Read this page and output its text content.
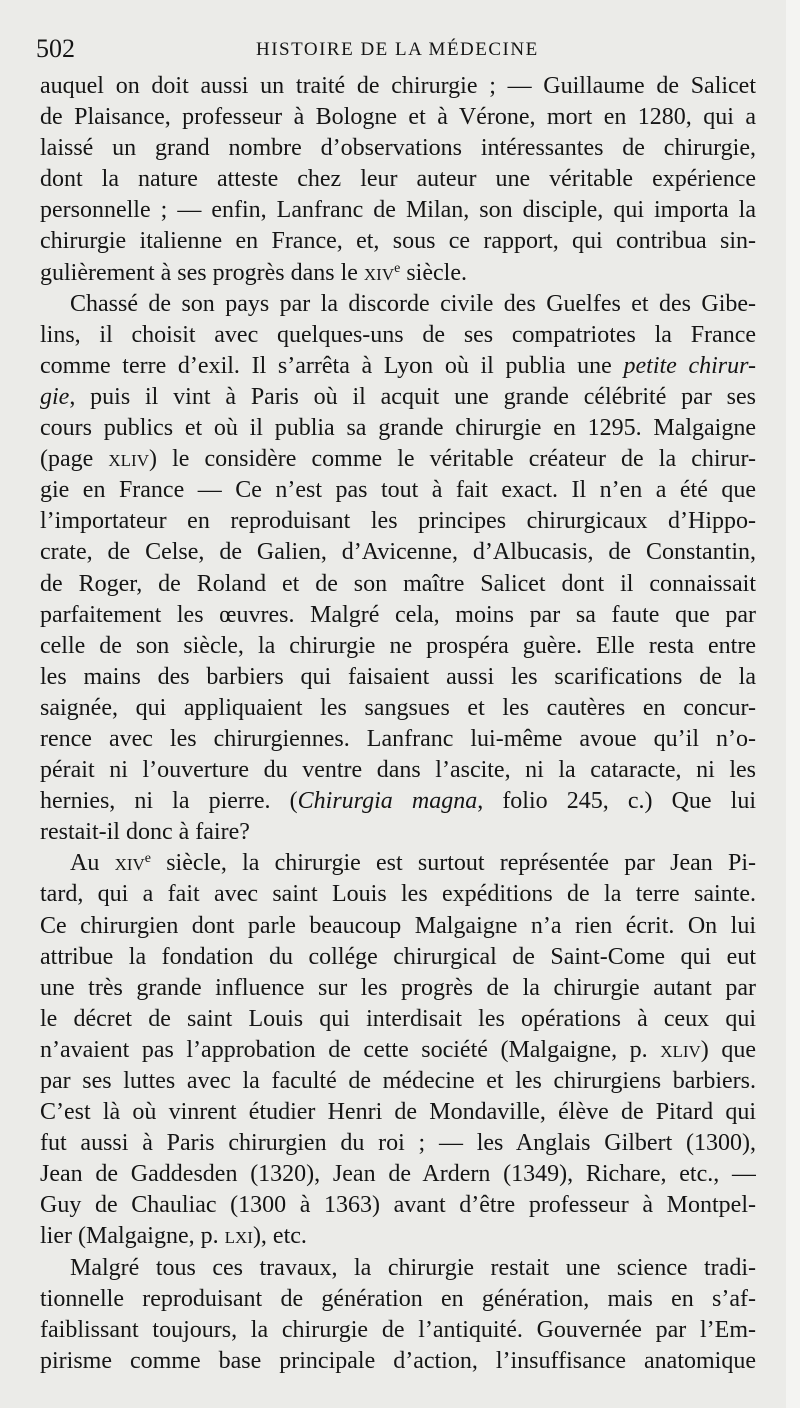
502	HISTOIRE DE LA MÉDECINE
auquel on doit aussi un traité de chirurgie ; — Guillaume de Salicet
de Plaisance, professeur à Bologne et à Vérone, mort en 1280, qui a
laissé un grand nombre d’observations intéressantes de chirurgie,
dont la nature atteste chez leur auteur une véritable expérience
personnelle ; — enfin, Lanfranc de Milan, son disciple, qui importa la
chirurgie italienne en France, et, sous ce rapport, qui contribua sin-
gulièrement à ses progrès dans le xiv$^e$ siècle.
Chassé de son pays par la discorde civile des Guelfes et des Gibe-
lins, il choisit avec quelques-uns de ses compatriotes la France
comme terre d’exil. Il s’arrêta à Lyon où il publia une petite chirur-
gie, puis il vint à Paris où il acquit une grande célébrité par ses
cours publics et où il publia sa grande chirurgie en 1295. Malgaigne
(page xliv) le considère comme le véritable créateur de la chirur-
gie en France — Ce n’est pas tout à fait exact. Il n’en a été que
l’importateur en reproduisant les principes chirurgicaux d’Hippo-
crate, de Celse, de Galien, d’Avicenne, d’Albucasis, de Constantin,
de Roger, de Roland et de son maître Salicet dont il connaissait
parfaitement les œuvres. Malgré cela, moins par sa faute que par
celle de son siècle, la chirurgie ne prospéra guère. Elle resta entre
les mains des barbiers qui faisaient aussi les scarifications de la
saignée, qui appliquaient les sangsues et les cautères en concur-
rence avec les chirurgiennes. Lanfranc lui-même avoue qu’il n’o-
pérait ni l’ouverture du ventre dans l’ascite, ni la cataracte, ni les
hernies, ni la pierre. (Chirurgia magna, folio 245, c.) Que lui
restait-il donc à faire?
Au xiv$^e$ siècle, la chirurgie est surtout représentée par Jean Pi-
tard, qui a fait avec saint Louis les expéditions de la terre sainte.
Ce chirurgien dont parle beaucoup Malgaigne n’a rien écrit. On lui
attribue la fondation du collége chirurgical de Saint-Come qui eut
une très grande influence sur les progrès de la chirurgie autant par
le décret de saint Louis qui interdisait les opérations à ceux qui
n’avaient pas l’approbation de cette société (Malgaigne, p. xliv) que
par ses luttes avec la faculté de médecine et les chirurgiens barbiers.
C’est là où vinrent étudier Henri de Mondaville, élève de Pitard qui
fut aussi à Paris chirurgien du roi ; — les Anglais Gilbert (1300),
Jean de Gaddesden (1320), Jean de Ardern (1349), Richare, etc., —
Guy de Chauliac (1300 à 1363) avant d’être professeur à Montpel-
lier (Malgaigne, p. lxi), etc.
Malgré tous ces travaux, la chirurgie restait une science tradi-
tionnelle reproduisant de génération en génération, mais en s’af-
faiblissant toujours, la chirurgie de l’antiquité. Gouvernée par l’Em-
pirisme comme base principale d’action, l’insuffisance anatomique
